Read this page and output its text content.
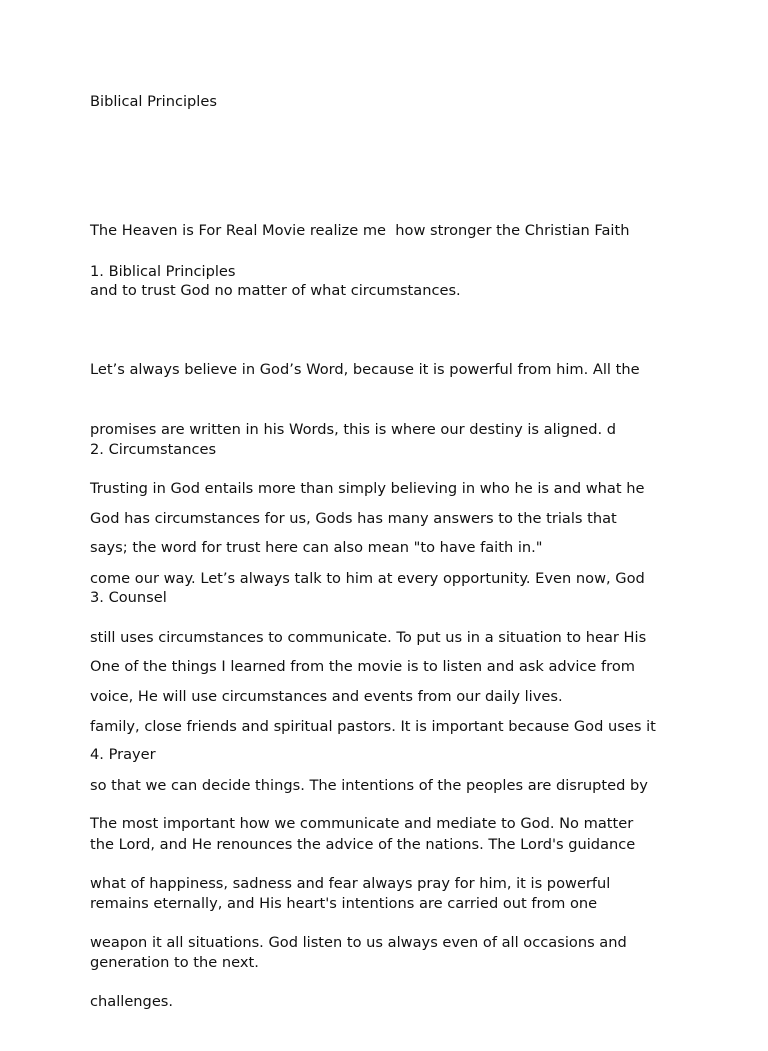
Biblical Principles

The Heaven is For Real Movie realize me  how stronger the Christian Faith

and to trust God no matter of what circumstances.

1. Biblical Principles

Let’s always believe in God’s Word, because it is powerful from him. All the

promises are written in his Words, this is where our destiny is aligned. d

Trusting in God entails more than simply believing in who he is and what he

says; the word for trust here can also mean "to have faith in."

2. Circumstances

God has circumstances for us, Gods has many answers to the trials that

come our way. Let’s always talk to him at every opportunity. Even now, God

still uses circumstances to communicate. To put us in a situation to hear His

voice, He will use circumstances and events from our daily lives.

3. Counsel

One of the things I learned from the movie is to listen and ask advice from

family, close friends and spiritual pastors. It is important because God uses it

so that we can decide things. The intentions of the peoples are disrupted by

the Lord, and He renounces the advice of the nations. The Lord's guidance

remains eternally, and His heart's intentions are carried out from one

generation to the next.

4. Prayer

The most important how we communicate and mediate to God. No matter

what of happiness, sadness and fear always pray for him, it is powerful

weapon it all situations. God listen to us always even of all occasions and

challenges.
